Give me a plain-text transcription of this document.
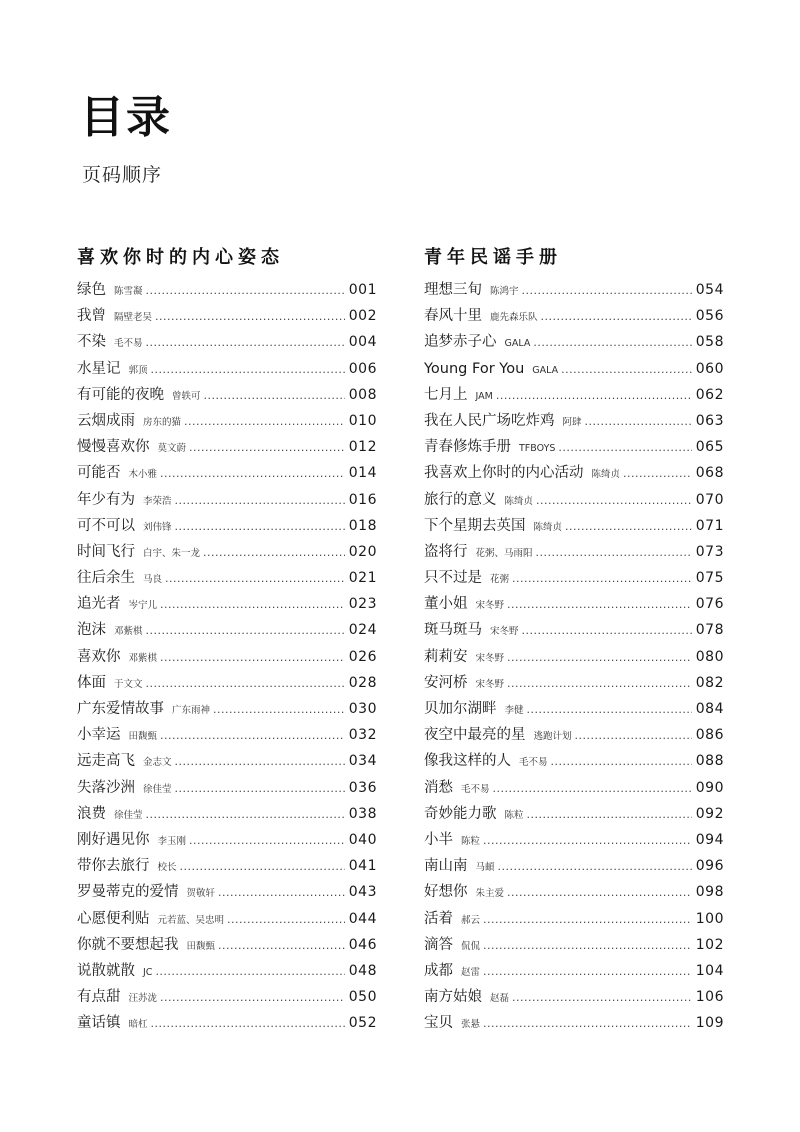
目录
页码顺序
喜欢你时的内心姿态
绿色 陈雪凝 .....	001
我曾 隔壁老吴 .....	002
不染 毛不易 .....	004
水星记 郭顶 .....	006
有可能的夜晚 曾轶可 .....	008
云烟成雨 房东的猫 .....	010
慢慢喜欢你 莫文蔚 .....	012
可能否 木小雅 .....	014
年少有为 李荣浩 .....	016
可不可以 刘伟锋 .....	018
时间飞行 白宇、朱一龙 .....	020
往后余生 马良 .....	021
追光者 岑宁儿 .....	023
泡沫 邓紫棋 .....	024
喜欢你 邓紫棋 .....	026
体面 于文文 .....	028
广东爱情故事 广东雨神 .....	030
小幸运 田馥甄 .....	032
远走高飞 金志文 .....	034
失落沙洲 徐佳莹 .....	036
浪费 徐佳莹 .....	038
刚好遇见你 李玉刚 .....	040
带你去旅行 校长 .....	041
罗曼蒂克的爱情 贺敬轩 .....	043
心愿便利贴 元若蓝、吴忠明 .....	044
你就不要想起我 田馥甄 .....	046
说散就散 JC .....	048
有点甜 汪苏泷 .....	050
童话镇 暗杠 .....	052
青年民谣手册
理想三旬 陈鸿宇 .....	054
春风十里 鹿先森乐队 .....	056
追梦赤子心 GALA .....	058
Young For You GALA .....	060
七月上 JAM .....	062
我在人民广场吃炸鸡 阿肆 .....	063
青春修炼手册 TFBOYS .....	065
我喜欢上你时的内心活动 陈绮贞 .....	068
旅行的意义 陈绮贞 .....	070
下个星期去英国 陈绮贞 .....	071
盗将行 花粥、马雨阳 .....	073
只不过是 花粥 .....	075
董小姐 宋冬野 .....	076
斑马斑马 宋冬野 .....	078
莉莉安 宋冬野 .....	080
安河桥 宋冬野 .....	082
贝加尔湖畔 李健 .....	084
夜空中最亮的星 逃跑计划 .....	086
像我这样的人 毛不易 .....	088
消愁 毛不易 .....	090
奇妙能力歌 陈粒 .....	092
小半 陈粒 .....	094
南山南 马頔 .....	096
好想你 朱主爱 .....	098
活着 郝云 .....	100
滴答 侃侃 .....	102
成都 赵雷 .....	104
南方姑娘 赵磊 .....	106
宝贝 张悬 .....	109
